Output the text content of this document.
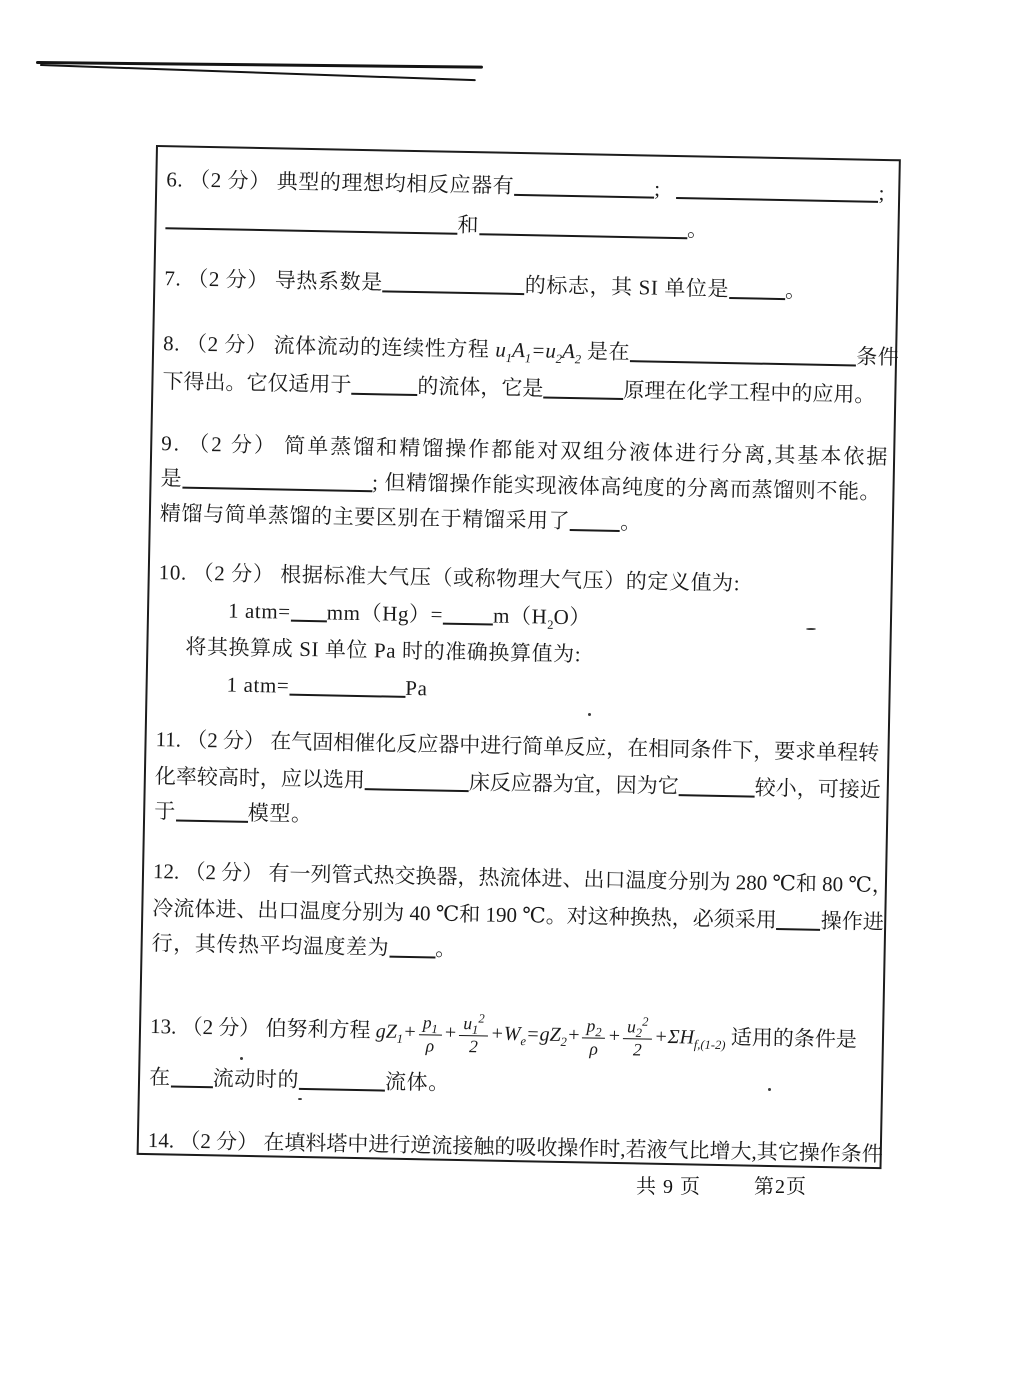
6. （2 分） 典型的理想均相反应器有	;	;
和	。
7. （2 分） 导热系数是	的标志，其 SI 单位是	。
8. （2 分） 流体流动的连续性方程 $u_1A_1=u_2A_2$ 是在	条件
下得出。它仅适用于	的流体，它是	原理在化学工程中的应用。
9. （2 分） 简单蒸馏和精馏操作都能对双组分液体进行分离,其基本依据
是	; 但精馏操作能实现液体高纯度的分离而蒸馏则不能。
精馏与简单蒸馏的主要区别在于精馏采用了 。
10. （2 分） 根据标准大气压（或称物理大气压）的定义值为:
1 $atm= mm(Hg)= m(H_2O)$
将其换算成 SI 单位 Pa 时的准确换算值为:
1 atm=	Pa
11. （2 分） 在气固相催化反应器中进行简单反应，在相同条件下，要求单程转
化率较高时，应以选用	床反应器为宜，因为它	较小，可接近
于	模型。
12. （2 分） 有一列管式热交换器，热流体进、出口温度分别为 280 ℃和 80 ℃，
冷流体进、出口温度分别为 40 ℃和 190 ℃。对这种换热，必须采用 操作进
行，其传热平均温度差为 。
13. （2 分） 伯努利方程 $gZ_1+ \frac{p_1}{\rho} + \frac{u_1^2}{2} +W_e=gZ_2+ \frac{p_2}{\rho} + \frac{u_2^2}{2} +\Sigma H_{f,(1-2)}$ 适用的条件是
在 流动时的	流体。
14. （2 分） 在填料塔中进行逆流接触的吸收操作时,若液气比增大,其它操作条件
共 9 页	第2页
